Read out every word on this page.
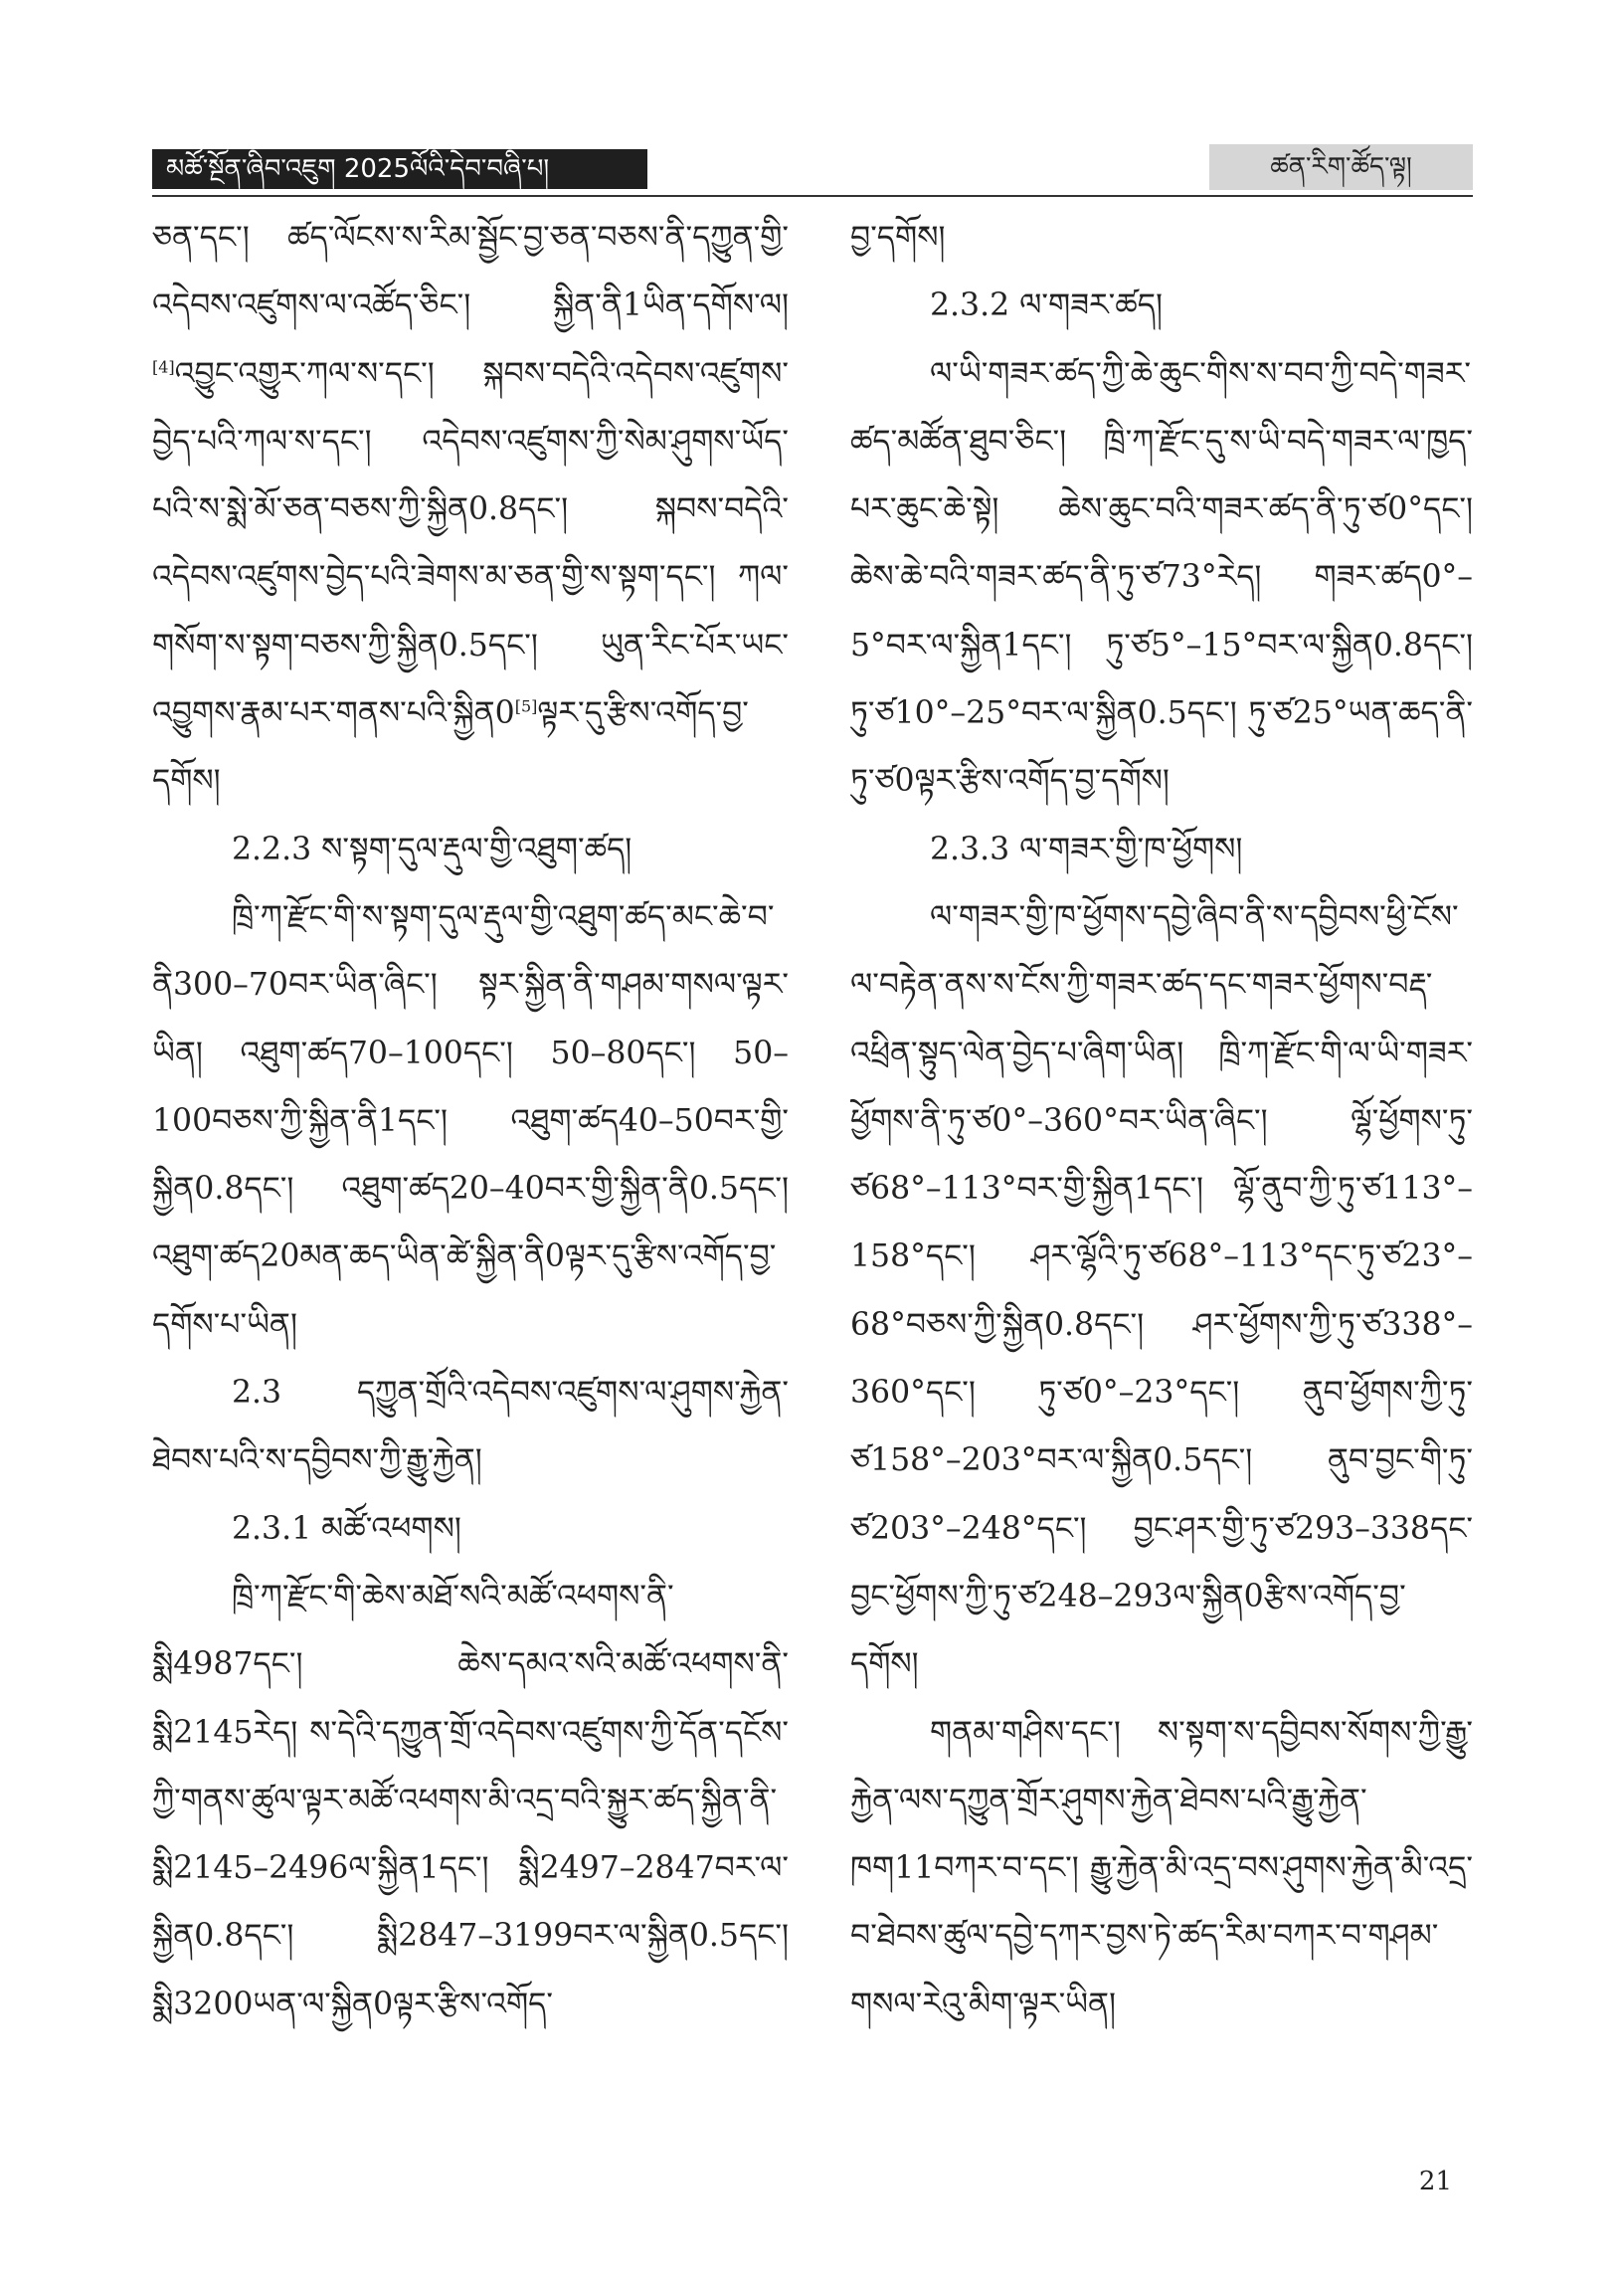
མཚོ་སྔོན་ཞིབ་འཇུག 2025ལོའི་དེབ་བཞི་པ།	ཚན་རིག་ཚོད་ལྟ།

ཅན་དང་། ཚད་ལོངས་ས་རིམ་སྦྱོང་བྱ་ཅན་བཅས་ནི་དཀྱུན་གྱི་འདེབས་འཛུགས་ལ་འཚོད་ཅིང་། སྐྱིན་ནི1ཡིན་དགོས་ལ། [4]འབྱུང་འགྱུར་ཀལ་ས་དང་། སྐབས་བདེའི་འདེབས་འཛུགས་བྱེད་པའི་ཀལ་ས་དང་། འདེབས་འཛུགས་ཀྱི་སེམ་ཤུགས་ཡོད་པའི་ས་སྨེ་མོ་ཅན་བཅས་ཀྱི་སྐྱིན0.8དང་། སྐབས་བདེའི་འདེབས་འཛུགས་བྱེད་པའི་ཟེགས་མ་ཅན་གྱི་ས་སྟག་དང་། ཀལ་གསོག་ས་སྟག་བཅས་ཀྱི་སྐྱིན0.5དང་། ཡུན་རིང་པོར་ཡང་འབྱུགས་རྣམ་པར་གནས་པའི་སྐྱིན0[5]ལྟར་དུ་རྩིས་འགོད་བྱ་དགོས།

2.2.3 ས་སྟག་དུལ་རྡུལ་གྱི་འཐུག་ཚད།

ཁྲི་ཀ་རྫོང་གི་ས་སྟག་དུལ་རྡུལ་གྱི་འཐུག་ཚད་མང་ཆེ་བ་ནི300–70བར་ཡིན་ཞིང་། སྟར་སྐྱིན་ནི་གཤམ་གསལ་ལྟར་ཡིན། འཐུག་ཚད70–100དང་། 50–80དང་། 50–100བཅས་ཀྱི་སྐྱིན་ནི1དང་། འཐུག་ཚད40–50བར་གྱི་སྐྱིན0.8དང་། འཐུག་ཚད20–40བར་གྱི་སྐྱིན་ནི0.5དང་། འཐུག་ཚད20མན་ཆད་ཡིན་ཚེ་སྐྱིན་ནི0ལྟར་དུ་རྩིས་འགོད་བྱ་དགོས་པ་ཡིན།

2.3 དཀྱུན་གྲོའི་འདེབས་འཛུགས་ལ་ཤུགས་རྐྱེན་ཐེབས་པའི་ས་དབྱིབས་ཀྱི་རྒྱུ་རྐྱེན།

2.3.1 མཚོ་འཕགས།

ཁྲི་ཀ་རྫོང་གི་ཆེས་མཐོ་སའི་མཚོ་འཕགས་ནི་སྨི4987དང་། ཆེས་དམའ་སའི་མཚོ་འཕགས་ནི་སྨི2145རེད། ས་དེའི་དཀྱུན་གྲོ་འདེབས་འཛུགས་ཀྱི་དོན་དངོས་ཀྱི་གནས་ཚུལ་ལྟར་མཚོ་འཕགས་མི་འདྲ་བའི་སྐྱུར་ཚད་སྐྱིན་ནི་སྨི2145–2496ལ་སྐྱིན1དང་། སྨི2497–2847བར་ལ་སྐྱིན0.8དང་། སྨི2847–3199བར་ལ་སྐྱིན0.5དང་། སྨི3200ཡན་ལ་སྐྱིན0ལྟར་རྩིས་འགོད་

བྱ་དགོས།

2.3.2 ལ་གཟར་ཚད།

ལ་ཡི་གཟར་ཚད་ཀྱི་ཆེ་ཆུང་གིས་ས་བབ་ཀྱི་བདེ་གཟར་ཚད་མཚོན་ཐུབ་ཅིང་། ཁྲི་ཀ་རྫོང་དུ་ས་ཡི་བདེ་གཟར་ལ་ཁྱད་པར་ཆུང་ཆེ་སྟེ། ཆེས་ཆུང་བའི་གཟར་ཚད་ནི་ཏུ་ཙ0°དང་། ཆེས་ཆེ་བའི་གཟར་ཚད་ནི་ཏུ་ཙ73°རེད། གཟར་ཚད0°–5°བར་ལ་སྐྱིན1དང་། ཏུ་ཙ5°–15°བར་ལ་སྐྱིན0.8དང་། ཏུ་ཙ10°–25°བར་ལ་སྐྱིན0.5དང་། ཏུ་ཙ25°ཡན་ཆད་ནི་ཏུ་ཙ0ལྟར་རྩིས་འགོད་བྱ་དགོས།

2.3.3 ལ་གཟར་གྱི་ཁ་ཕྱོགས།

ལ་གཟར་གྱི་ཁ་ཕྱོགས་དབྱེ་ཞིབ་ནི་ས་དབྱིབས་ཕྱི་ངོས་ལ་བརྟེན་ནས་ས་ངོས་ཀྱི་གཟར་ཚད་དང་གཟར་ཕྱོགས་བརྡ་འཕྲིན་སྟུད་ལེན་བྱེད་པ་ཞིག་ཡིན། ཁྲི་ཀ་རྫོང་གི་ལ་ཡི་གཟར་ཕྱོགས་ནི་ཏུ་ཙ0°–360°བར་ཡིན་ཞིང་། ལྷོ་ཕྱོགས་ཏུ་ཙ68°–113°བར་གྱི་སྐྱིན1དང་། ལྷོ་ནུབ་ཀྱི་ཏུ་ཙ113°–158°དང་། ཤར་ལྷོའི་ཏུ་ཙ68°–113°དང་ཏུ་ཙ23°–68°བཅས་ཀྱི་སྐྱིན0.8དང་། ཤར་ཕྱོགས་ཀྱི་ཏུ་ཙ338°–360°དང་། ཏུ་ཙ0°–23°དང་། ནུབ་ཕྱོགས་ཀྱི་ཏུ་ཙ158°–203°བར་ལ་སྐྱིན0.5དང་། ནུབ་བྱང་གི་ཏུ་ཙ203°–248°དང་། བྱང་ཤར་གྱི་ཏུ་ཙ293–338དང་བྱང་ཕྱོགས་ཀྱི་ཏུ་ཙ248–293ལ་སྐྱིན0རྩིས་འགོད་བྱ་དགོས།

གནམ་གཤིས་དང་། ས་སྟག་ས་དབྱིབས་སོགས་ཀྱི་རྒྱུ་རྐྱེན་ལས་དཀྱུན་གྲོར་ཤུགས་རྐྱེན་ཐེབས་པའི་རྒྱུ་རྐྱེན་ཁག11བཀར་བ་དང་། རྒྱུ་རྐྱེན་མི་འདྲ་བས་ཤུགས་རྐྱེན་མི་འདྲ་བ་ཐེབས་ཚུལ་དབྱེ་དཀར་བྱས་ཏེ་ཚད་རིམ་བཀར་བ་གཤམ་གསལ་རེའུ་མིག་ལྟར་ཡིན།

21
